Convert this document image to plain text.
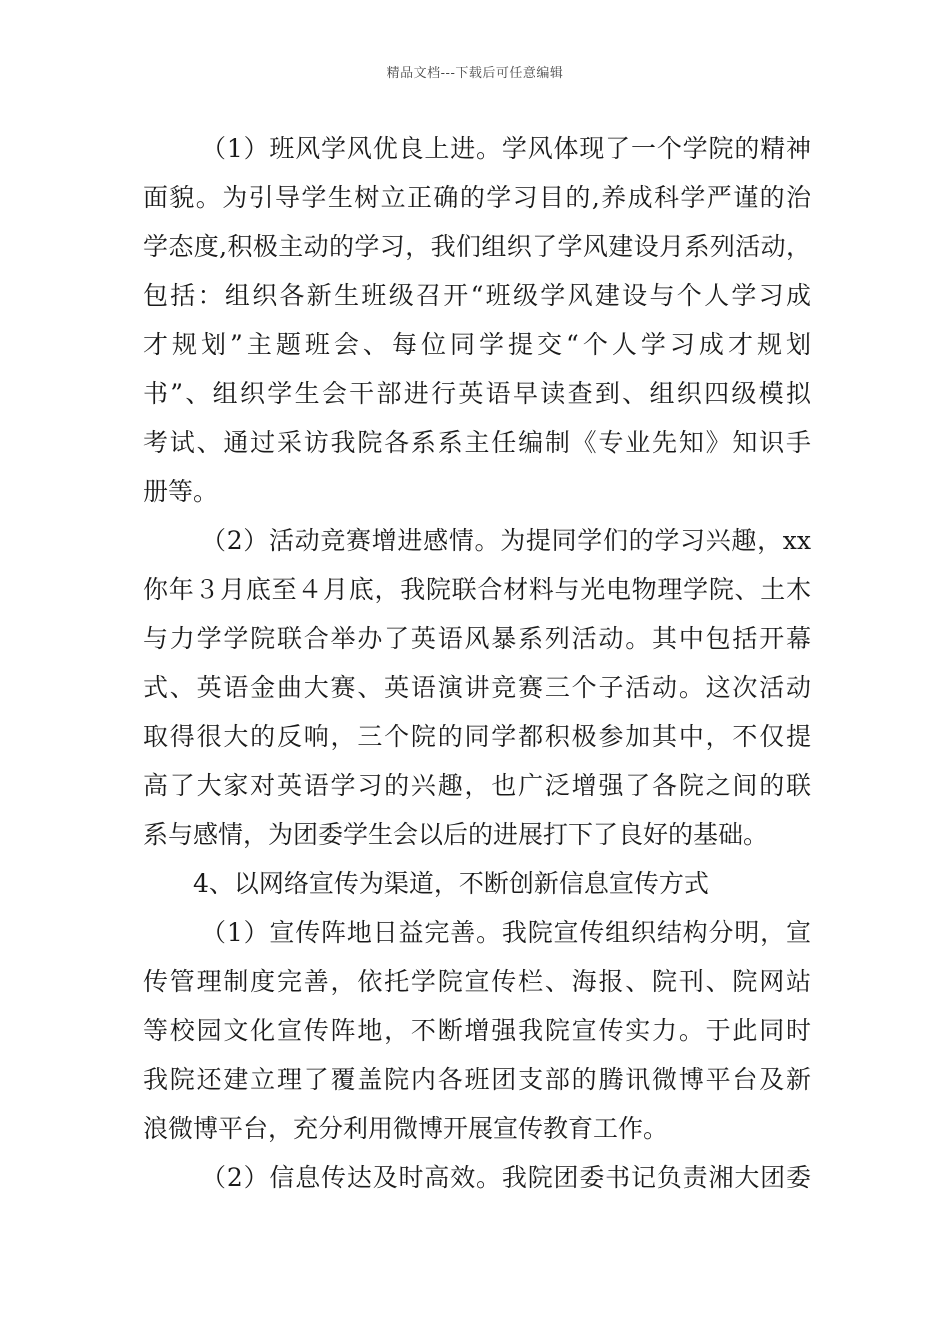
精品文档---下载后可任意编辑
（1）班风学风优良上进。学风体现了一个学院的精神
面貌。为引导学生树立正确的学习目的,养成科学严谨的治
学态度,积极主动的学习，我们组织了学风建设月系列活动，
包括：组织各新生班级召开“班级学风建设与个人学习成
才规划”主题班会、每位同学提交“个人学习成才规划
书”、组织学生会干部进行英语早读查到、组织四级模拟
考试、通过采访我院各系系主任编制《专业先知》知识手
册等。
（2）活动竞赛增进感情。为提同学们的学习兴趣，xx
你年３月底至４月底，我院联合材料与光电物理学院、土木
与力学学院联合举办了英语风暴系列活动。其中包括开幕
式、英语金曲大赛、英语演讲竞赛三个子活动。这次活动
取得很大的反响，三个院的同学都积极参加其中，不仅提
高了大家对英语学习的兴趣，也广泛增强了各院之间的联
系与感情，为团委学生会以后的进展打下了良好的基础。
4、以网络宣传为渠道，不断创新信息宣传方式
（1）宣传阵地日益完善。我院宣传组织结构分明，宣
传管理制度完善，依托学院宣传栏、海报、院刊、院网站
等校园文化宣传阵地，不断增强我院宣传实力。于此同时
我院还建立理了覆盖院内各班团支部的腾讯微博平台及新
浪微博平台，充分利用微博开展宣传教育工作。
（2）信息传达及时高效。我院团委书记负责湘大团委
